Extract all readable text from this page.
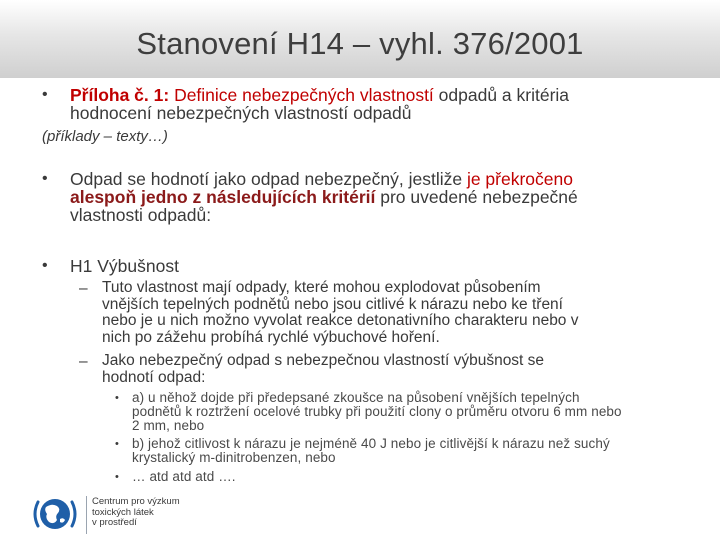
Stanovení H14 – vyhl. 376/2001
• Příloha č. 1: Definice nebezpečných vlastností odpadů a kritéria
hodnocení nebezpečných vlastností odpadů
(příklady – texty…)
• Odpad se hodnotí jako odpad nebezpečný, jestliže je překročeno
alespoň jedno z následujících kritérií pro uvedené nebezpečné
vlastnosti odpadů:
• H1 Výbušnost
– Tuto vlastnost mají odpady, které mohou explodovat působením
vnějších tepelných podnětů nebo jsou citlivé k nárazu nebo ke tření
nebo je u nich možno vyvolat reakce detonativního charakteru nebo v
nich po zážehu probíhá rychlé výbuchové hoření.
– Jako nebezpečný odpad s nebezpečnou vlastností výbušnost se
hodnotí odpad:
• a) u něhož dojde při předepsané zkoušce na působení vnějších tepelných
podnětů k roztržení ocelové trubky při použití clony o průměru otvoru 6 mm nebo
2 mm, nebo
• b) jehož citlivost k nárazu je nejméně 40 J nebo je citlivější k nárazu než suchý
krystalický m-dinitrobenzen, nebo
• … atd atd atd ….
Centrum pro výzkum
toxických látek
v prostředí
